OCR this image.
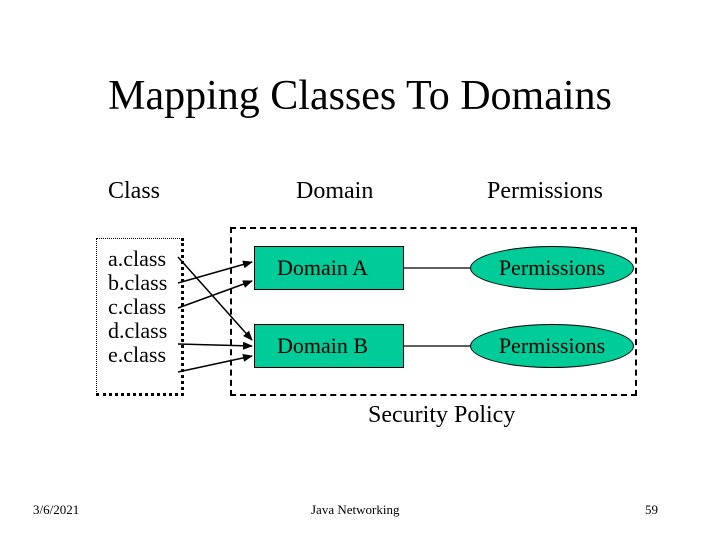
Mapping Classes To Domains
Class	Domain	Permissions
a.class
b.class
c.class
d.class
e.class
Domain A
Domain B
Permissions
Permissions
Security Policy
3/6/2021	Java Networking	59
